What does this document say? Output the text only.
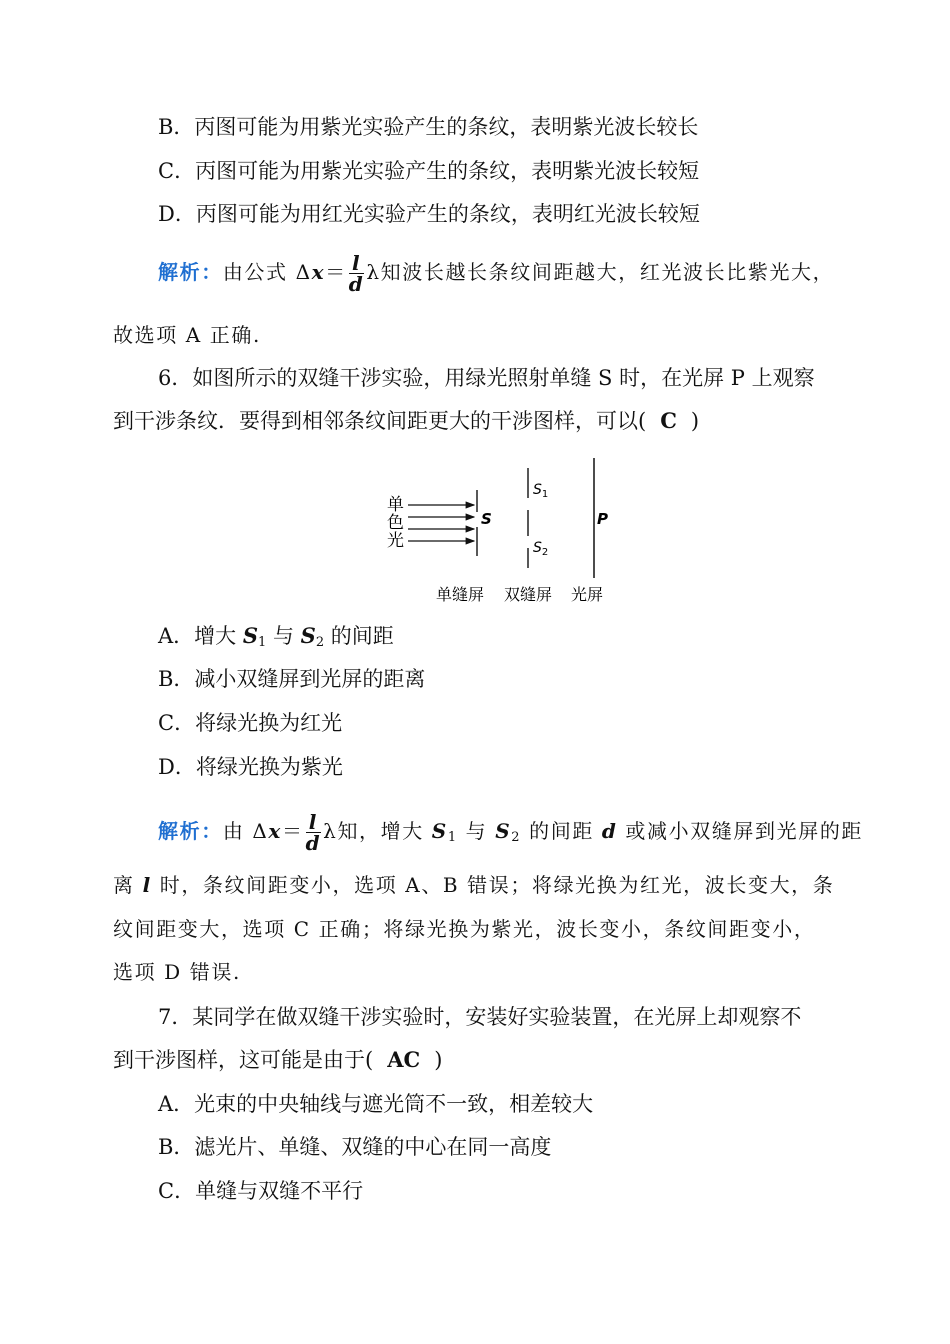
B．丙图可能为用紫光实验产生的条纹，表明紫光波长较长
C．丙图可能为用紫光实验产生的条纹，表明紫光波长较短
D．丙图可能为用红光实验产生的条纹，表明红光波长较短
解析：由公式 $\Delta x= \frac{l}{d}$ λ知波长越长条纹间距越大，红光波长比紫光大，
故选项 A 正确.
6．如图所示的双缝干涉实验，用绿光照射单缝 S 时，在光屏 P 上观察
到干涉条纹．要得到相邻条纹间距更大的干涉图样，可以( C )
单
色
光
S
$S_1$
$S_2$
P
单缝屏 双缝屏 光屏
A．增大 $S_1$ 与 $S_2$ 的间距
B．减小双缝屏到光屏的距离
C．将绿光换为红光
D．将绿光换为紫光
解析：由 $\Delta x= \frac{l}{d}$ λ知，增大 $S_1$ 与 $S_2$ 的间距 d 或减小双缝屏到光屏的距
离 l 时，条纹间距变小，选项 A、B 错误；将绿光换为红光，波长变大，条
纹间距变大，选项 C 正确；将绿光换为紫光，波长变小，条纹间距变小，
选项 D 错误.
7．某同学在做双缝干涉实验时，安装好实验装置，在光屏上却观察不
到干涉图样，这可能是由于( AC )
A．光束的中央轴线与遮光筒不一致，相差较大
B．滤光片、单缝、双缝的中心在同一高度
C．单缝与双缝不平行
